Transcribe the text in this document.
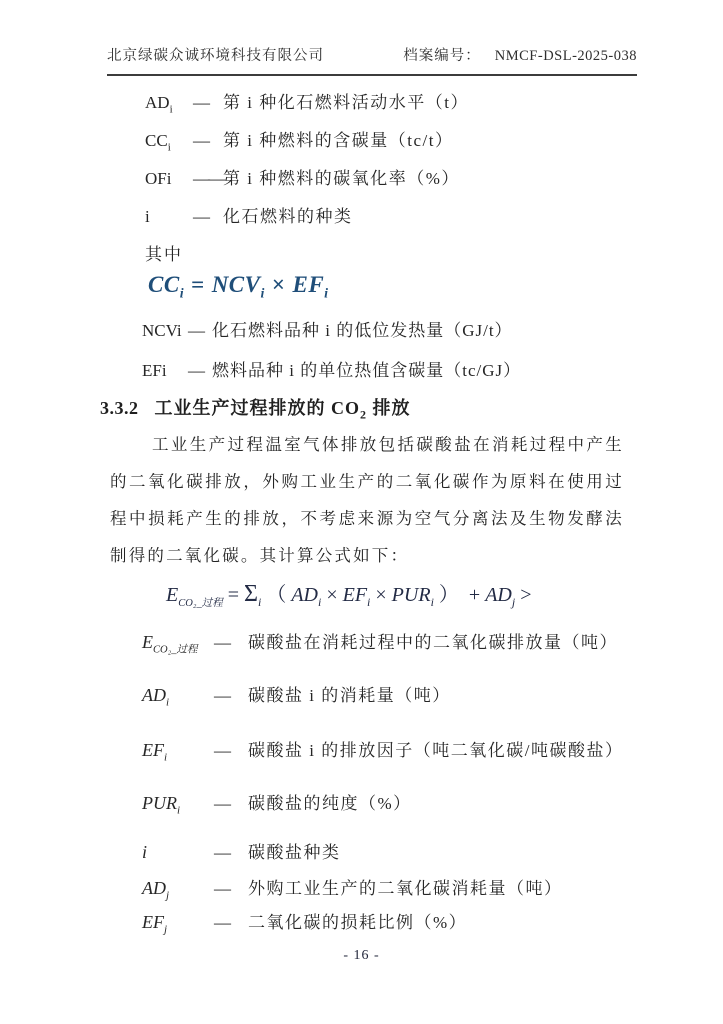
北京绿碳众诚环境科技有限公司	档案编号： NMCF-DSL-2025-038
$AD_i$	— 第 i 种化石燃料活动水平（t）
$CC_i$	— 第 i 种燃料的含碳量（tc/t）
OFi	—— 第 i 种燃料的碳氧化率（%）
i	— 化石燃料的种类
其中
$CC_i = NCV_i \times EF_i$
NCVi — 化石燃料品种 i 的低位发热量（GJ/t）
EFi	— 燃料品种 i 的单位热值含碳量（tc/GJ）
3.3.2 工业生产过程排放的 $CO_2$ 排放
工业生产过程温室气体排放包括碳酸盐在消耗过程中产生的二氧化碳排放，外购工业生产的二氧化碳作为原料在使用过程中损耗产生的排放，不考虑来源为空气分离法及生物发酵法制得的二氧化碳。其计算公式如下：
$E_{CO_2\_过程} = \Sigma_i$ （ $AD_i \times EF_i \times PUR_i$ ） + $AD_j$ >
$E_{CO_2\_过程}$ —	碳酸盐在消耗过程中的二氧化碳排放量（吨）
$AD_i$	—	碳酸盐 i 的消耗量（吨）
$EF_i$	—	碳酸盐 i 的排放因子（吨二氧化碳/吨碳酸盐）
$PUR_i$	—	碳酸盐的纯度（%）
i	—	碳酸盐种类
$AD_j$	—	外购工业生产的二氧化碳消耗量（吨）
$EF_j$	—	二氧化碳的损耗比例（%）
- 16 -
